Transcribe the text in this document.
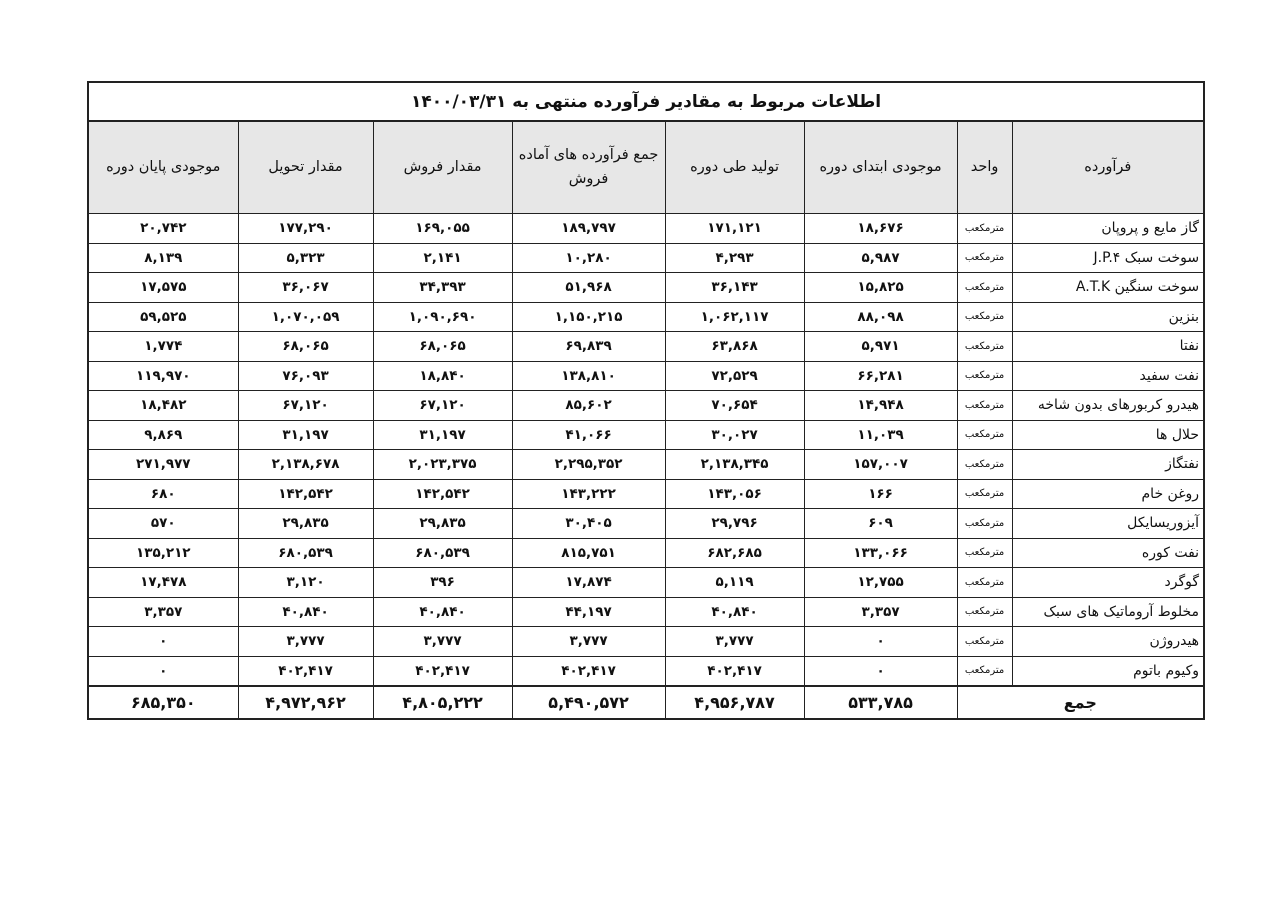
اطلاعات مربوط به مقادیر فرآورده منتهی به ۱۴۰۰/۰۳/۳۱							
فرآورده	واحد	موجودی ابتدای دوره	تولید طی دوره	جمع فرآورده های آماده فروش	مقدار فروش	مقدار تحویل	موجودی پایان دوره
گاز مایع و پروپان	مترمکعب	۱۸,۶۷۶	۱۷۱,۱۲۱	۱۸۹,۷۹۷	۱۶۹,۰۵۵	۱۷۷,۲۹۰	۲۰,۷۴۲
سوخت سبک J.P.۴	مترمکعب	۵,۹۸۷	۴,۲۹۳	۱۰,۲۸۰	۲,۱۴۱	۵,۳۲۳	۸,۱۳۹
سوخت سنگین A.T.K	مترمکعب	۱۵,۸۲۵	۳۶,۱۴۳	۵۱,۹۶۸	۳۴,۳۹۳	۳۶,۰۶۷	۱۷,۵۷۵
بنزین	مترمکعب	۸۸,۰۹۸	۱,۰۶۲,۱۱۷	۱,۱۵۰,۲۱۵	۱,۰۹۰,۶۹۰	۱,۰۷۰,۰۵۹	۵۹,۵۲۵
نفتا	مترمکعب	۵,۹۷۱	۶۳,۸۶۸	۶۹,۸۳۹	۶۸,۰۶۵	۶۸,۰۶۵	۱,۷۷۴
نفت سفید	مترمکعب	۶۶,۲۸۱	۷۲,۵۲۹	۱۳۸,۸۱۰	۱۸,۸۴۰	۷۶,۰۹۳	۱۱۹,۹۷۰
هیدرو کربورهای بدون شاخه	مترمکعب	۱۴,۹۴۸	۷۰,۶۵۴	۸۵,۶۰۲	۶۷,۱۲۰	۶۷,۱۲۰	۱۸,۴۸۲
حلال ها	مترمکعب	۱۱,۰۳۹	۳۰,۰۲۷	۴۱,۰۶۶	۳۱,۱۹۷	۳۱,۱۹۷	۹,۸۶۹
نفتگاز	مترمکعب	۱۵۷,۰۰۷	۲,۱۳۸,۳۴۵	۲,۲۹۵,۳۵۲	۲,۰۲۳,۳۷۵	۲,۱۳۸,۶۷۸	۲۷۱,۹۷۷
روغن خام	مترمکعب	۱۶۶	۱۴۳,۰۵۶	۱۴۳,۲۲۲	۱۴۲,۵۴۲	۱۴۲,۵۴۲	۶۸۰
آیزوریسایکل	مترمکعب	۶۰۹	۲۹,۷۹۶	۳۰,۴۰۵	۲۹,۸۳۵	۲۹,۸۳۵	۵۷۰
نفت کوره	مترمکعب	۱۳۳,۰۶۶	۶۸۲,۶۸۵	۸۱۵,۷۵۱	۶۸۰,۵۳۹	۶۸۰,۵۳۹	۱۳۵,۲۱۲
گوگرد	مترمکعب	۱۲,۷۵۵	۵,۱۱۹	۱۷,۸۷۴	۳۹۶	۳,۱۲۰	۱۷,۴۷۸
مخلوط آروماتیک های سبک	مترمکعب	۳,۳۵۷	۴۰,۸۴۰	۴۴,۱۹۷	۴۰,۸۴۰	۴۰,۸۴۰	۳,۳۵۷
هیدروژن	مترمکعب	۰	۳,۷۷۷	۳,۷۷۷	۳,۷۷۷	۳,۷۷۷	۰
وکیوم باتوم	مترمکعب	۰	۴۰۲,۴۱۷	۴۰۲,۴۱۷	۴۰۲,۴۱۷	۴۰۲,۴۱۷	۰
جمع		۵۳۳,۷۸۵	۴,۹۵۶,۷۸۷	۵,۴۹۰,۵۷۲	۴,۸۰۵,۲۲۲	۴,۹۷۲,۹۶۲	۶۸۵,۳۵۰
